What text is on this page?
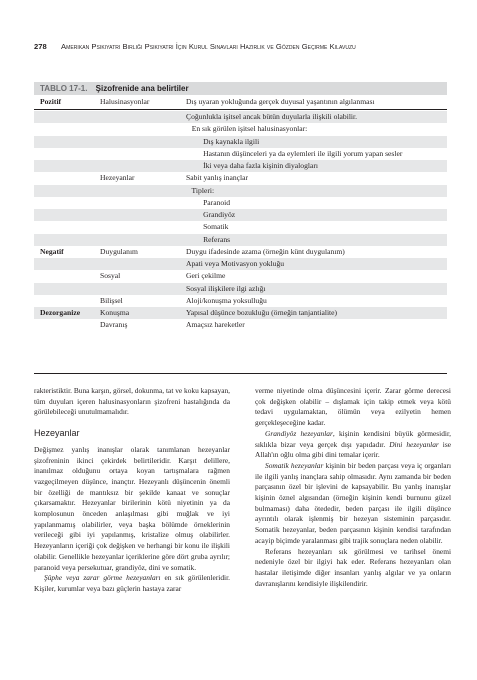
278 Amerikan Psikiyatri Birliği Psikiyatri İçin Kurul Sınavları Hazırlık ve Gözden Geçirme Kılavuzu
TABLO 17-1. Şizofrenide ana belirtiler
Pozitif	Halusinasyonlar	Dış uyaran yokluğunda gerçek duyusal yaşantının algılanması
Çoğunlukla işitsel ancak bütün duyularla ilişkili olabilir.
En sık görülen işitsel halusinasyonlar:
Dış kaynakla ilgili
Hastanın düşünceleri ya da eylemleri ile ilgili yorum yapan sesler
İki veya daha fazla kişinin diyalogları
Hezeyanlar	Sabit yanlış inançlar
Tipleri:
Paranoid
Grandiyöz
Somatik
Referans
Negatif	Duygulanım	Duygu ifadesinde azama (örneğin künt duygulanım)
Apati veya Motivasyon yokluğu
Sosyal	Geri çekilme
Sosyal ilişkilere ilgi azlığı
Bilişsel	Aloji/konuşma yoksulluğu
Dezorganize	Konuşma	Yapısal düşünce bozukluğu (örneğin tanjantialite)
Davranış	Amaçsız hareketler

rakteristiktir. Buna karşın, görsel, dokunma, tat ve koku kapsayan, tüm duyuları içeren halusinasyonların şizofreni hastalığında da görülebileceği unutulmamalıdır.

Hezeyanlar

Değişmez yanlış inanışlar olarak tanımlanan hezeyanlar şizofreninin ikinci çekirdek belirtileridir. Karşıt delillere, inanılmaz olduğunu ortaya koyan tartışmalara rağmen vazgeçilmeyen düşünce, inançtır. Hezeyanlı düşüncenin önemli bir özelliği de mantıksız bir şekilde kanaat ve sonuçlar çıkarsamaktır. Hezeyanlar birilerinin kötü niyetinin ya da komplosunun önceden anlaşılması gibi muğlak ve iyi yapılanmamış olabilirler, veya başka bölümde örneklerinin verileceği gibi iyi yapılanmış, kristalize olmuş olabilirler. Hezeyanların içeriği çok değişken ve herhangi bir konu ile ilişkili olabilir. Genellikle hezeyanlar içeriklerine göre dört gruba ayrılır; paranoid veya persekutuar, grandiyöz, dini ve somatik.

Şüphe veya zarar görme hezeyanları en sık görülenleridir. Kişiler, kurumlar veya bazı güçlerin hastaya zarar

verme niyetinde olma düşüncesini içerir. Zarar görme derecesi çok değişken olabilir – dışlamak için takip etmek veya kötü tedavi uygulamaktan, ölümün veya ezilyetin hemen gerçekleşeceğine kadar.

Grandiyöz hezeyanlar, kişinin kendisini büyük görmesidir, sıklıkla bizar veya gerçek dışı yapıdadır. Dini hezeyanlar ise Allah'ın oğlu olma gibi dini temalar içerir.

Somatik hezeyanlar kişinin bir beden parçası veya iç organları ile ilgili yanlış inançlara sahip olmasıdır. Aynı zamanda bir beden parçasının özel bir işlevini de kapsayabilir. Bu yanlış inanışlar kişinin öznel algısından (örneğin kişinin kendi burnunu güzel bulmaması) daha ötededir, beden parçası ile ilgili düşünce ayrıntılı olarak işlenmiş bir hezeyan sisteminin parçasıdır. Somatik hezeyanlar, beden parçasının kişinin kendisi tarafından acayip biçimde yaralanması gibi trajik sonuçlara neden olabilir.

Referans hezeyanları sık görülmesi ve tarihsel önemi nedeniyle özel bir ilgiyi hak eder. Referans hezeyanları olan hastalar iletişimde diğer insanları yanlış algılar ve ya onların davranışlarını kendisiyle ilişkilendirir.
